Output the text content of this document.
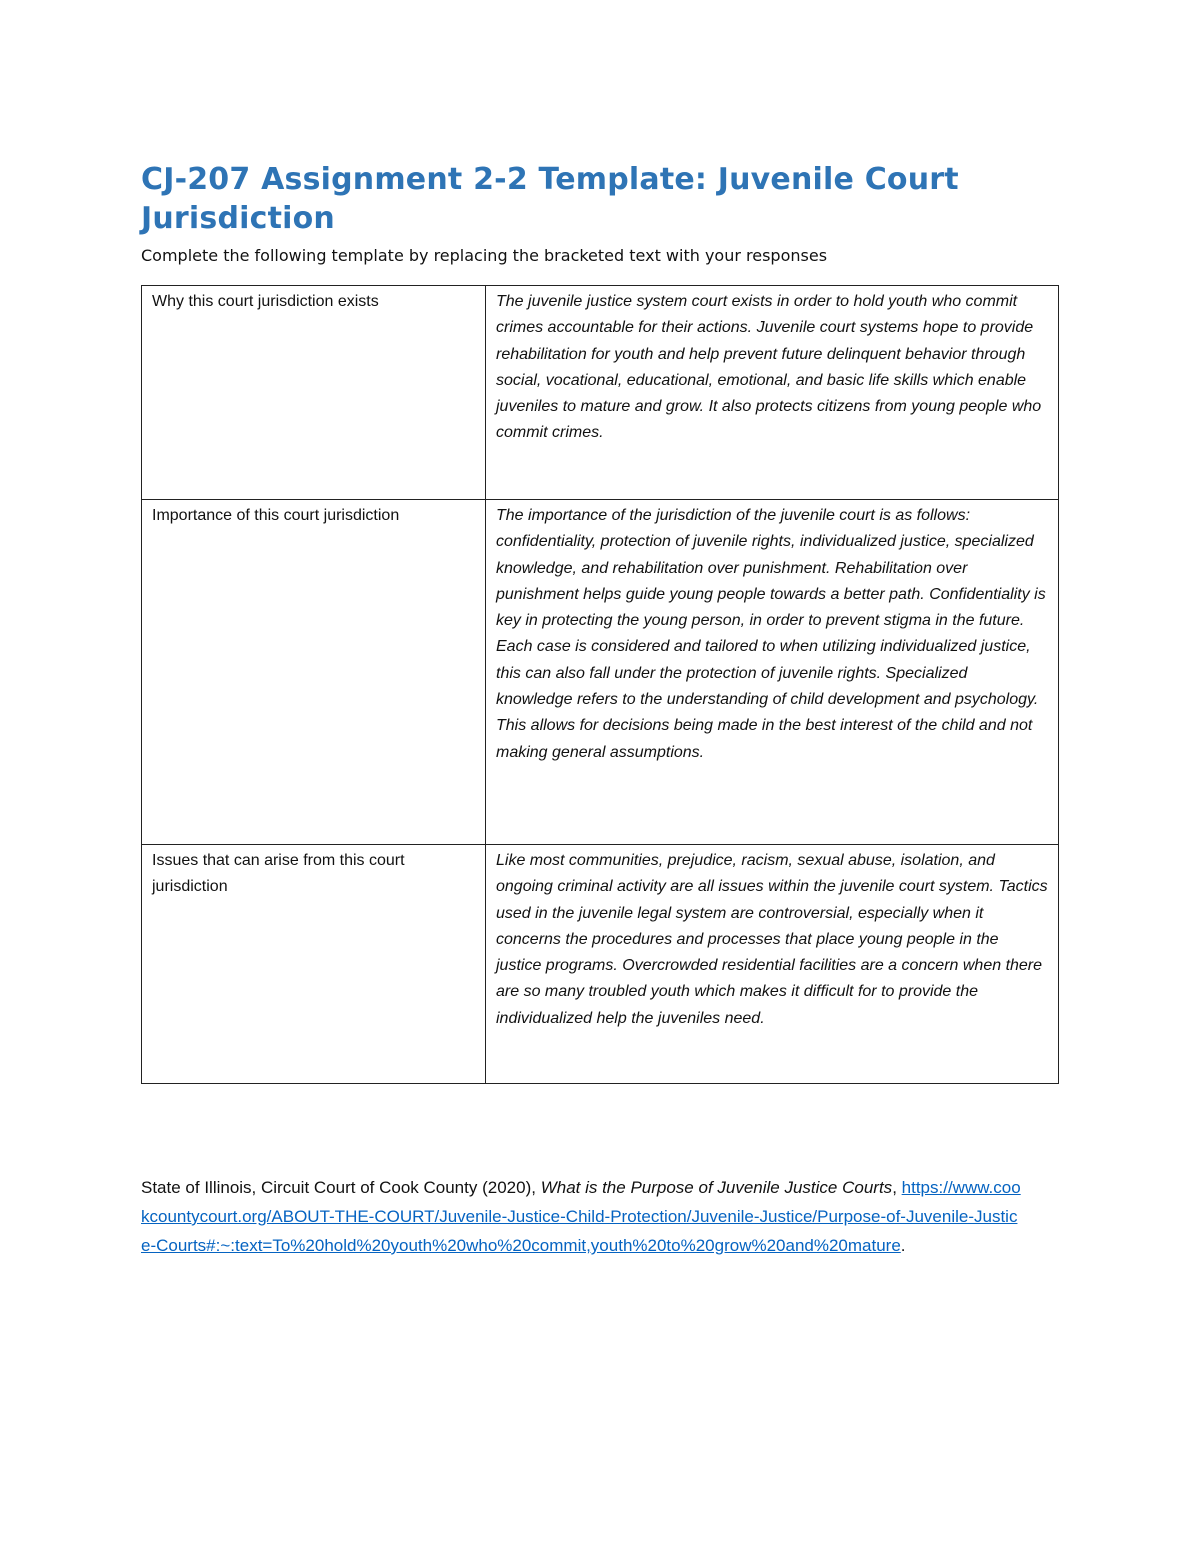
CJ-207 Assignment 2-2 Template: Juvenile Court Jurisdiction

Complete the following template by replacing the bracketed text with your responses

Why this court jurisdiction exists	The juvenile justice system court exists in order to hold youth who commit crimes accountable for their actions. Juvenile court systems hope to provide rehabilitation for youth and help prevent future delinquent behavior through social, vocational, educational, emotional, and basic life skills which enable juveniles to mature and grow. It also protects citizens from young people who commit crimes.
Importance of this court jurisdiction	The importance of the jurisdiction of the juvenile court is as follows: confidentiality, protection of juvenile rights, individualized justice, specialized knowledge, and rehabilitation over punishment. Rehabilitation over punishment helps guide young people towards a better path. Confidentiality is key in protecting the young person, in order to prevent stigma in the future. Each case is considered and tailored to when utilizing individualized justice, this can also fall under the protection of juvenile rights. Specialized knowledge refers to the understanding of child development and psychology. This allows for decisions being made in the best interest of the child and not making general assumptions.
Issues that can arise from this court jurisdiction	Like most communities, prejudice, racism, sexual abuse, isolation, and ongoing criminal activity are all issues within the juvenile court system. Tactics used in the juvenile legal system are controversial, especially when it concerns the procedures and processes that place young people in the justice programs. Overcrowded residential facilities are a concern when there are so many troubled youth which makes it difficult for to provide the individualized help the juveniles need.
State of Illinois, Circuit Court of Cook County (2020), What is the Purpose of Juvenile Justice Courts, https://www.cookcountycourt.org/ABOUT-THE-COURT/Juvenile-Justice-Child-Protection/Juvenile-Justice/Purpose-of-Juvenile-Justice-Courts#:~:text=To%20hold%20youth%20who%20commit,youth%20to%20grow%20and%20mature.
